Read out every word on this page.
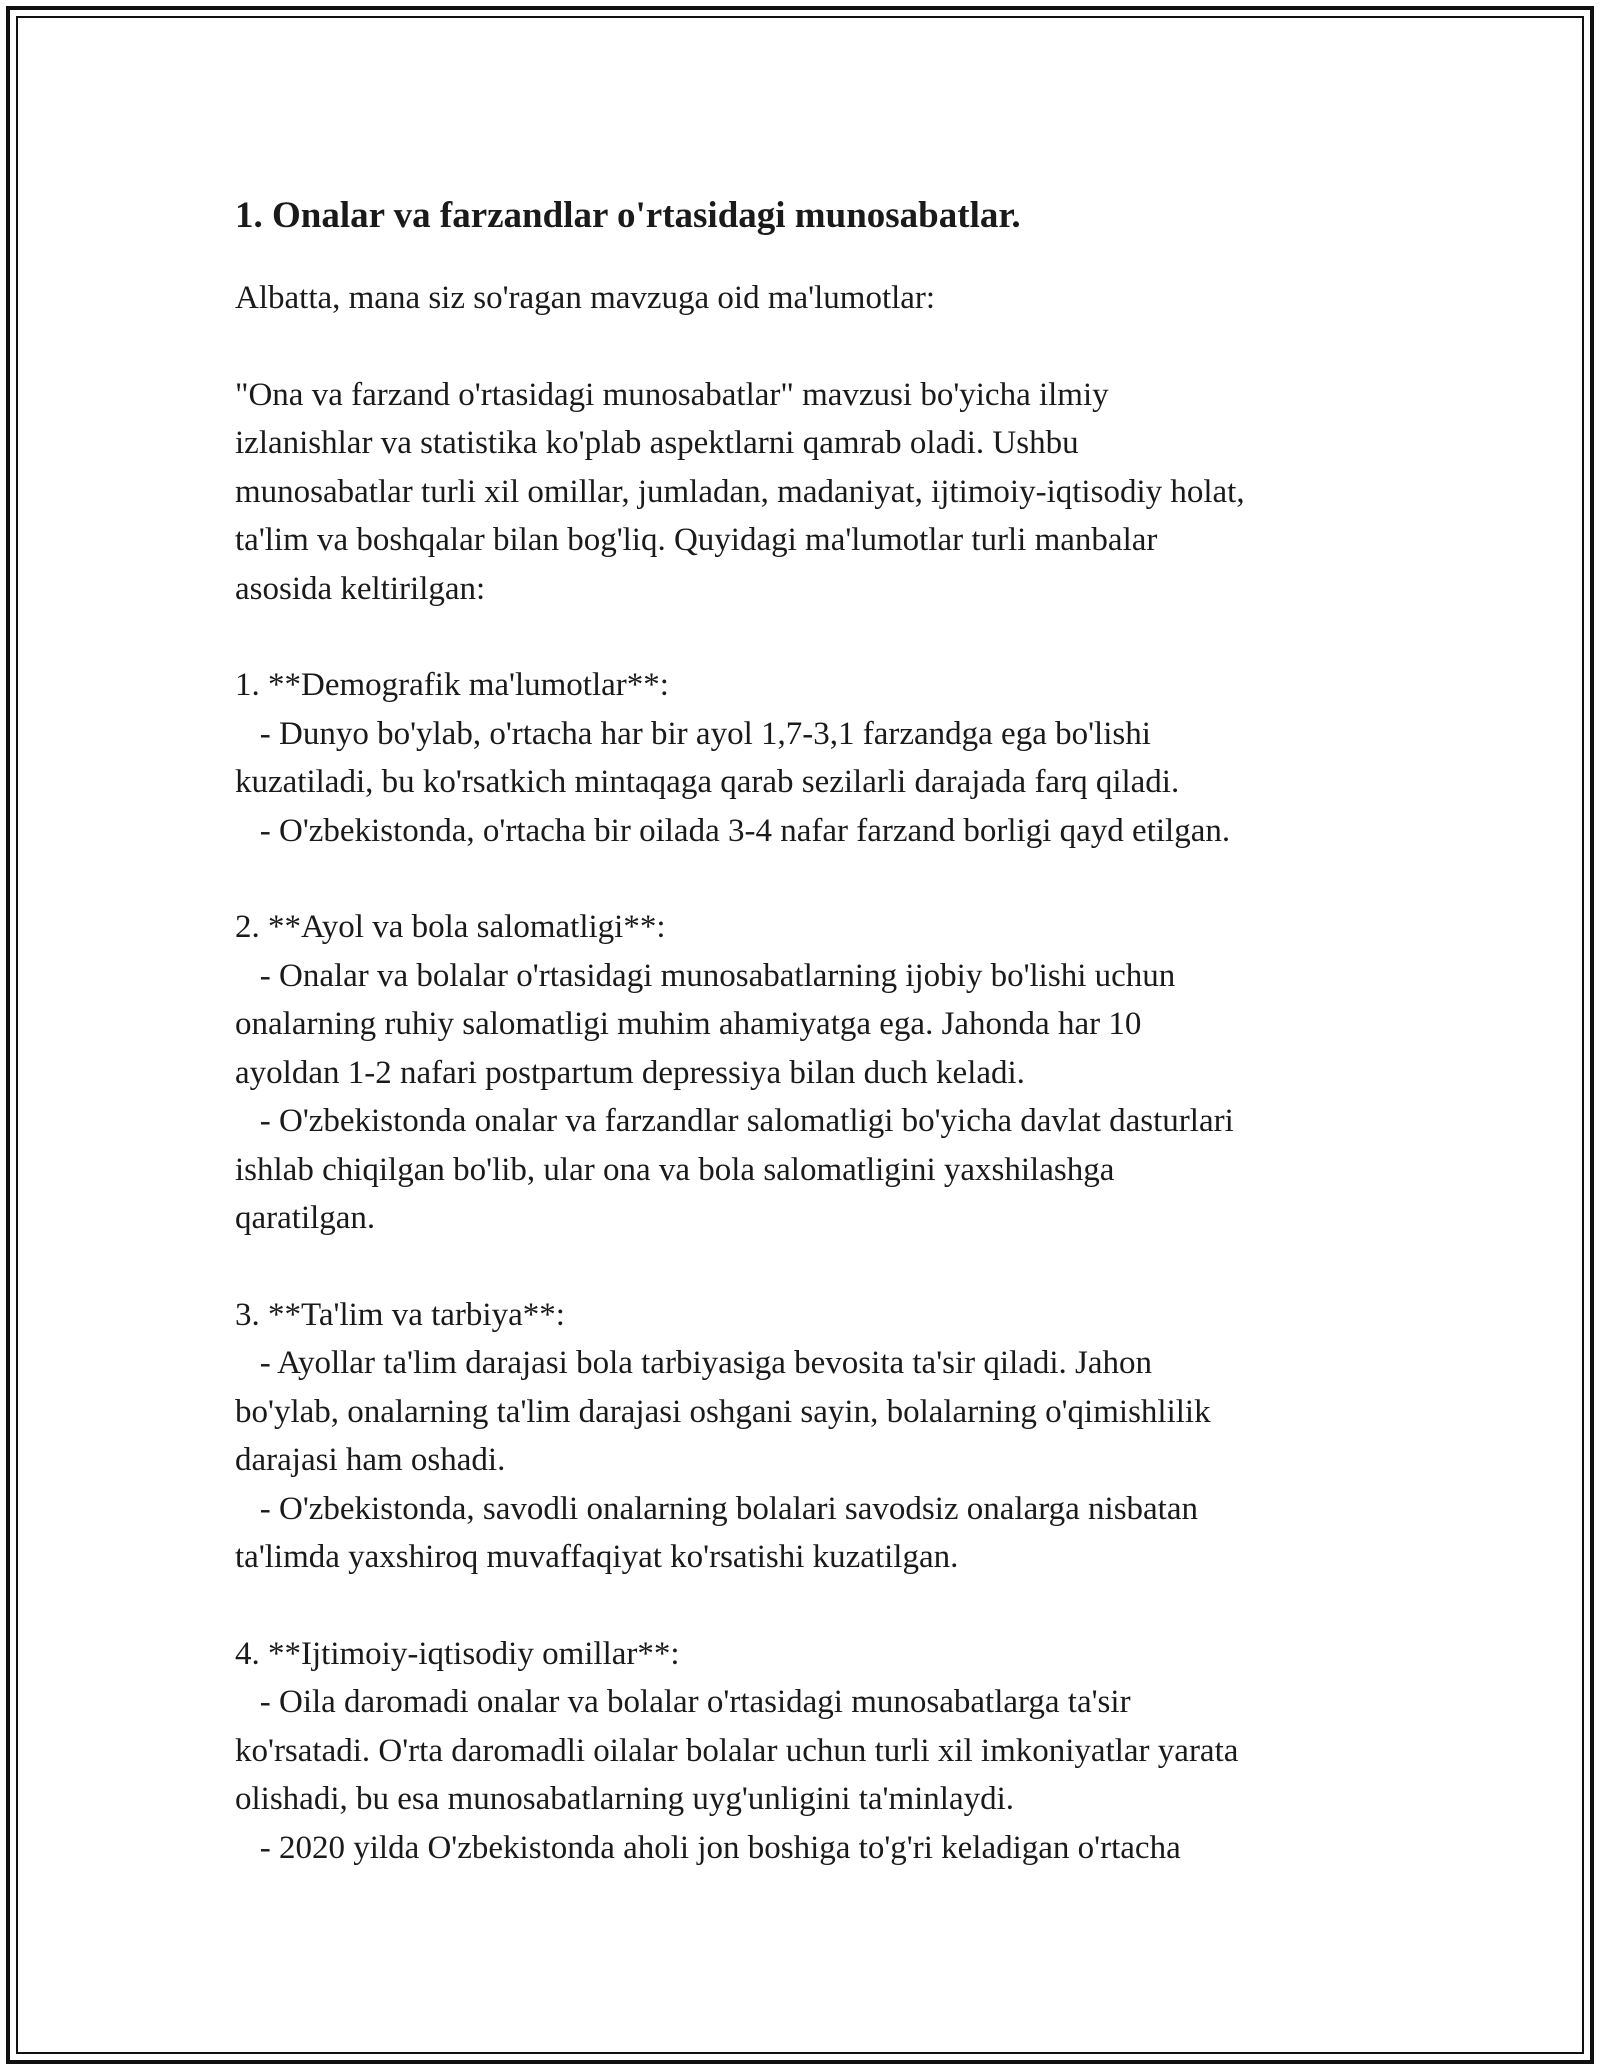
1. Onalar va farzandlar o'rtasidagi munosabatlar.

Albatta, mana siz so'ragan mavzuga oid ma'lumotlar:

"Ona va farzand o'rtasidagi munosabatlar" mavzusi bo'yicha ilmiy
izlanishlar va statistika ko'plab aspektlarni qamrab oladi. Ushbu
munosabatlar turli xil omillar, jumladan, madaniyat, ijtimoiy-iqtisodiy holat,
ta'lim va boshqalar bilan bog'liq. Quyidagi ma'lumotlar turli manbalar
asosida keltirilgan:

1. **Demografik ma'lumotlar**:
- Dunyo bo'ylab, o'rtacha har bir ayol 1,7-3,1 farzandga ega bo'lishi
kuzatiladi, bu ko'rsatkich mintaqaga qarab sezilarli darajada farq qiladi.
- O'zbekistonda, o'rtacha bir oilada 3-4 nafar farzand borligi qayd etilgan.

2. **Ayol va bola salomatligi**:
- Onalar va bolalar o'rtasidagi munosabatlarning ijobiy bo'lishi uchun
onalarning ruhiy salomatligi muhim ahamiyatga ega. Jahonda har 10
ayoldan 1-2 nafari postpartum depressiya bilan duch keladi.
- O'zbekistonda onalar va farzandlar salomatligi bo'yicha davlat dasturlari
ishlab chiqilgan bo'lib, ular ona va bola salomatligini yaxshilashga
qaratilgan.

3. **Ta'lim va tarbiya**:
- Ayollar ta'lim darajasi bola tarbiyasiga bevosita ta'sir qiladi. Jahon
bo'ylab, onalarning ta'lim darajasi oshgani sayin, bolalarning o'qimishlilik
darajasi ham oshadi.
- O'zbekistonda, savodli onalarning bolalari savodsiz onalarga nisbatan
ta'limda yaxshiroq muvaffaqiyat ko'rsatishi kuzatilgan.

4. **Ijtimoiy-iqtisodiy omillar**:
- Oila daromadi onalar va bolalar o'rtasidagi munosabatlarga ta'sir
ko'rsatadi. O'rta daromadli oilalar bolalar uchun turli xil imkoniyatlar yarata
olishadi, bu esa munosabatlarning uyg'unligini ta'minlaydi.
- 2020 yilda O'zbekistonda aholi jon boshiga to'g'ri keladigan o'rtacha
